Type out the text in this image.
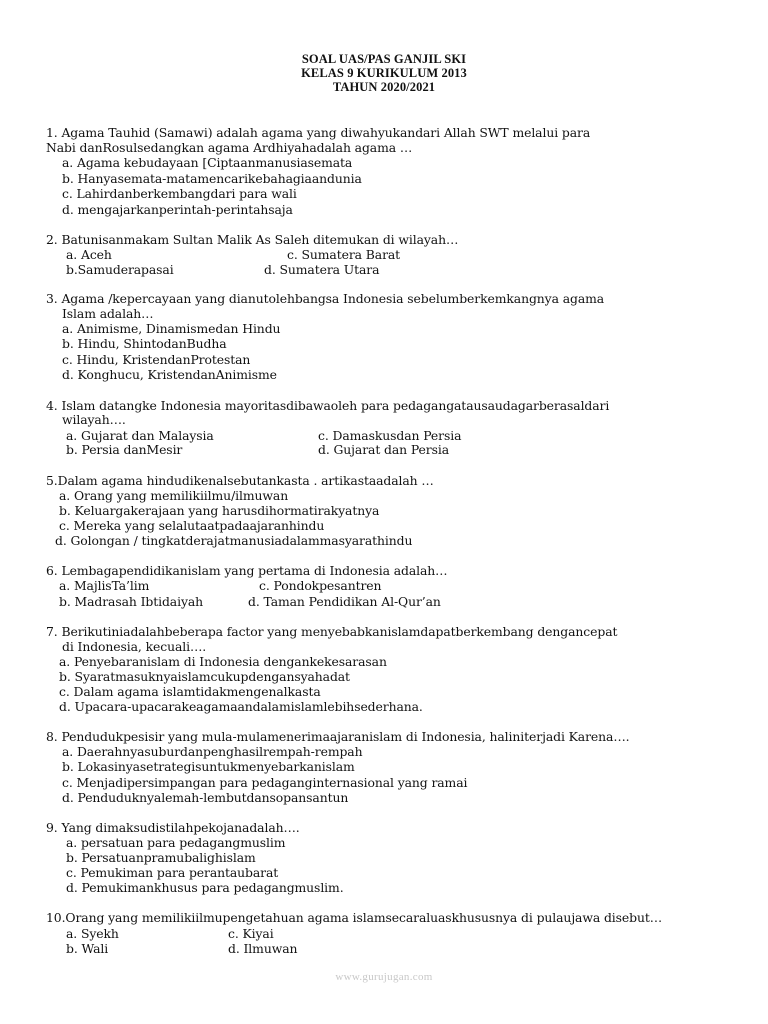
SOAL UAS/PAS GANJIL SKI
KELAS 9 KURIKULUM 2013
TAHUN 2020/2021
1. Agama Tauhid (Samawi) adalah agama yang diwahyukandari Allah SWT melalui para
Nabi danRosulsedangkan agama Ardhiyahadalah agama …
a. Agama kebudayaan [Ciptaanmanusiasemata
b. Hanyasemata-matamencarikebahagiaandunia
c. Lahirdanberkembangdari para wali
d. mengajarkanperintah-perintahsaja
2. Batunisanmakam Sultan Malik As Saleh ditemukan di wilayah…
a. Aceh	c. Sumatera Barat
b.Samuderapasai	d. Sumatera Utara
3. Agama /kepercayaan yang dianutolehbangsa Indonesia sebelumberkemkangnya agama
Islam adalah…
a. Animisme, Dinamismedan Hindu
b. Hindu, ShintodanBudha
c. Hindu, KristendanProtestan
d. Konghucu, KristendanAnimisme
4. Islam datangke Indonesia mayoritasdibawaoleh para pedagangatausaudagarberasaldari
wilayah….
a. Gujarat dan Malaysia	c. Damaskusdan Persia
b. Persia danMesir	d. Gujarat dan Persia
5.Dalam agama hindudikenalsebutankasta . artikastaadalah …
a. Orang yang memilikiilmu/ilmuwan
b. Keluargakerajaan yang harusdihormatirakyatnya
c. Mereka yang selalutaatpadaajaranhindu
d. Golongan / tingkatderajatmanusiadalammasyarathindu
6. Lembagapendidikanislam yang pertama di Indonesia adalah…
a. MajlisTa’lim	c. Pondokpesantren
b. Madrasah Ibtidaiyah	d. Taman Pendidikan Al-Qur’an
7. Berikutiniadalahbeberapa factor yang menyebabkanislamdapatberkembang dengancepat
di Indonesia, kecuali….
a. Penyebaranislam di Indonesia dengankekesarasan
b. Syaratmasuknyaislamcukupdengansyahadat
c. Dalam agama islamtidakmengenalkasta
d. Upacara-upacarakeagamaandalamislamlebihsederhana.
8. Pendudukpesisir yang mula-mulamenerimaajaranislam di Indonesia, haliniterjadi Karena….
a. Daerahnyasuburdanpenghasilrempah-rempah
b. Lokasinyasetrategisuntukmenyebarkanislam
c. Menjadipersimpangan para pedaganginternasional yang ramai
d. Penduduknyalemah-lembutdansopansantun
9. Yang dimaksudistilahpekojanadalah….
a. persatuan para pedagangmuslim
b. Persatuanpramubalighislam
c. Pemukiman para perantaubarat
d. Pemukimankhusus para pedagangmuslim.
10.Orang yang memilikiilmupengetahuan agama islamsecaraluaskhususnya di pulaujawa disebut…
a. Syekh	c. Kiyai
b. Wali	d. Ilmuwan
www.gurujugan.com
